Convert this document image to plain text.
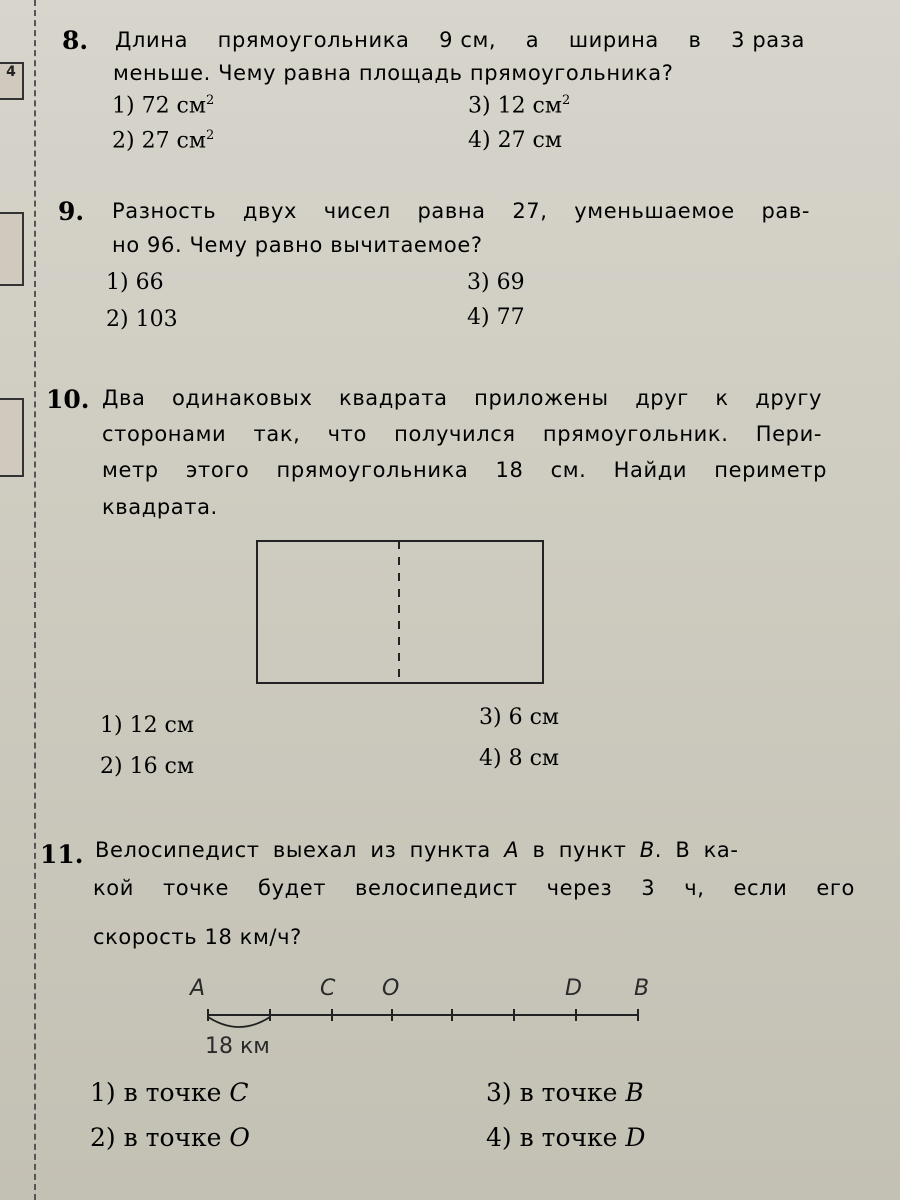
4
8. Длина прямоугольника 9 см, а ширина в 3 раза
меньше. Чему равна площадь прямоугольника?
1) 72 $см^2$
2) 27 $см^2$
3) 12 $см^2$
4) 27 см
9. Разность двух чисел равна 27, уменьшаемое рав-
но 96. Чему равно вычитаемое?
1) 66
2) 103
3) 69
4) 77
10. Два одинаковых квадрата приложены друг к другу
сторонами так, что получился прямоугольник. Пери-
метр этого прямоугольника 18 см. Найди периметр
квадрата.
1) 12 см
2) 16 см
3) 6 см
4) 8 см
11. Велосипедист выехал из пункта A в пункт B. В ка-
кой точке будет велосипедист через 3 ч, если его
скорость 18 км/ч?
A	C O	D B
18 км
1) в точке C
2) в точке O
3) в точке B
4) в точке D
